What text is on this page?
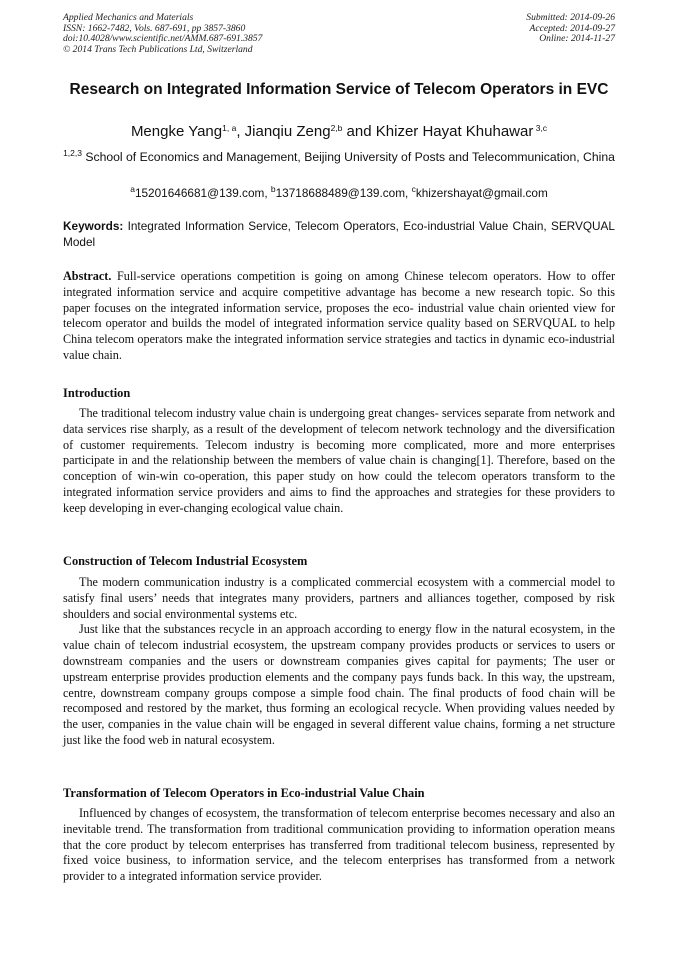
Applied Mechanics and Materials
ISSN: 1662-7482, Vols. 687-691, pp 3857-3860
doi:10.4028/www.scientific.net/AMM.687-691.3857
© 2014 Trans Tech Publications Ltd, Switzerland
Submitted: 2014-09-26
Accepted: 2014-09-27
Online: 2014-11-27
Research on Integrated Information Service of Telecom Operators in EVC
Mengke Yang$^{1, a}$, Jianqiu Zeng$^{2,b}$ and Khizer Hayat Khuhawar $^{3,c}$
$^{1,2,3}$ School of Economics and Management, Beijing University of Posts and Telecommunication, China
$^a$15201646681@139.com, $^b$13718688489@139.com, $^c$khizershayat@gmail.com
Keywords: Integrated Information Service, Telecom Operators, Eco-industrial Value Chain, SERVQUAL Model

Abstract. Full-service operations competition is going on among Chinese telecom operators. How to offer integrated information service and acquire competitive advantage has become a new research topic. So this paper focuses on the integrated information service, proposes the eco- industrial value chain oriented view for telecom operator and builds the model of integrated information service quality based on SERVQUAL to help China telecom operators make the integrated information service strategies and tactics in dynamic eco-industrial value chain.

Introduction

The traditional telecom industry value chain is undergoing great changes- services separate from network and data services rise sharply, as a result of the development of telecom network technology and the diversification of customer requirements. Telecom industry is becoming more complicated, more and more enterprises participate in and the relationship between the members of value chain is changing[1]. Therefore, based on the conception of win-win co-operation, this paper study on how could the telecom operators transform to the integrated information service providers and aims to find the approaches and strategies for these providers to keep developing in ever-changing ecological value chain.

Construction of Telecom Industrial Ecosystem

The modern communication industry is a complicated commercial ecosystem with a commercial model to satisfy final users’ needs that integrates many providers, partners and alliances together, composed by risk shoulders and social environmental systems etc.

Just like that the substances recycle in an approach according to energy flow in the natural ecosystem, in the value chain of telecom industrial ecosystem, the upstream company provides products or services to users or downstream companies and the users or downstream companies gives capital for payments; The user or upstream enterprise provides production elements and the company pays funds back. In this way, the upstream, centre, downstream company groups compose a simple food chain. The final products of food chain will be recomposed and restored by the market, thus forming an ecological recycle. When providing values needed by the user, companies in the value chain will be engaged in several different value chains, forming a net structure just like the food web in natural ecosystem.

Transformation of Telecom Operators in Eco-industrial Value Chain

Influenced by changes of ecosystem, the transformation of telecom enterprise becomes necessary and also an inevitable trend. The transformation from traditional communication providing to information operation means that the core product by telecom enterprises has transferred from traditional telecom business, represented by fixed voice business, to information service, and the telecom enterprises has transformed from a network provider to a integrated information service provider.
